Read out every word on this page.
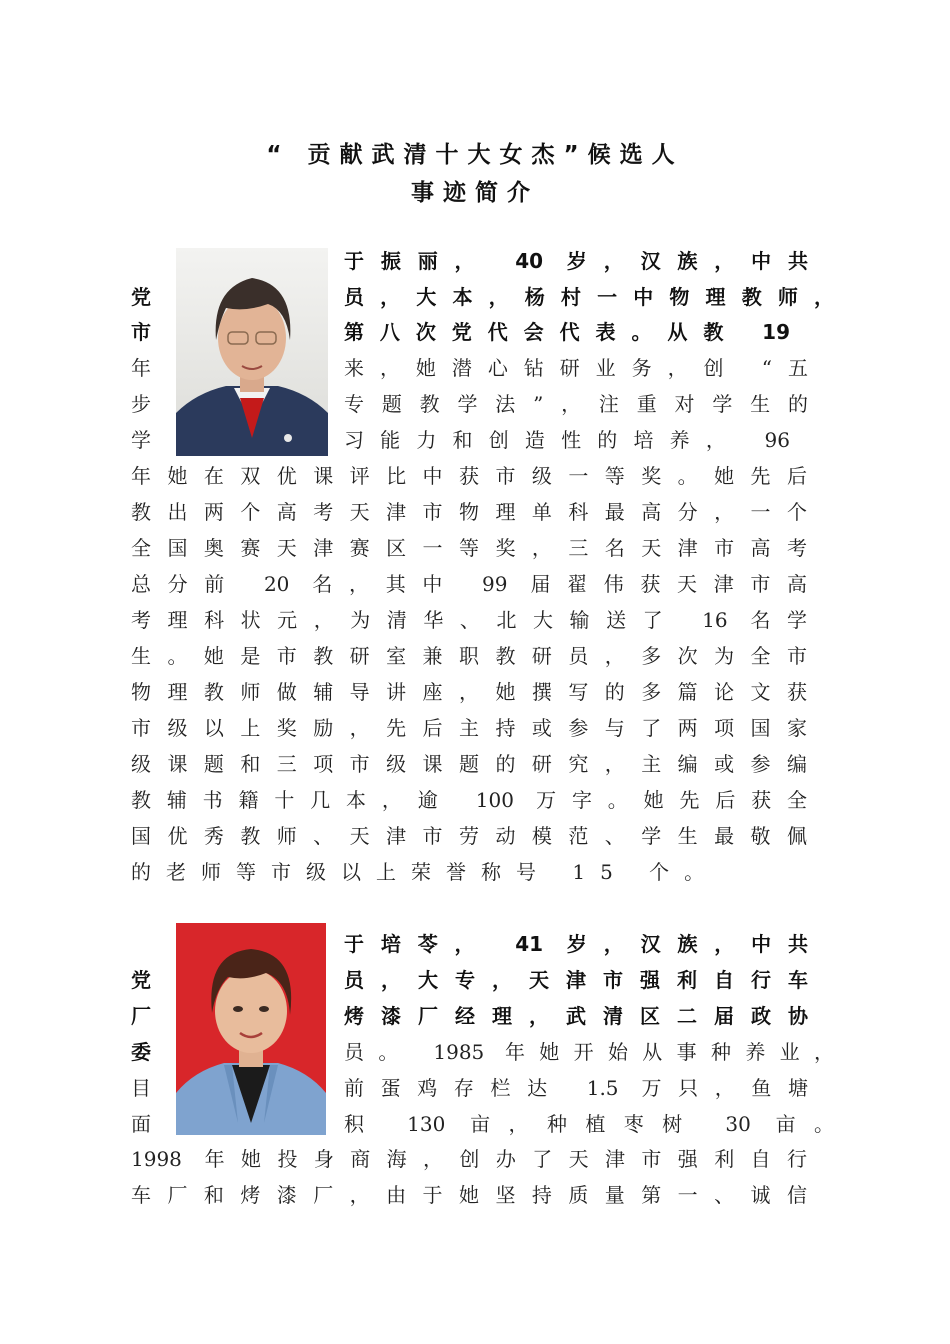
“ 贡献武清十大女杰”候选人
事迹简介
党
市
年
步
学
于振丽， 40 岁，汉族，中共
员，大本，杨村一中物理教师，
第八次党代会代表。从教 19
来，她潜心钻研业务，创 “五
专题教学法”，注重对学生的
习能力和创造性的培养， 96
年她在双优课评比中获市级一等奖。她先后
教出两个高考天津市物理单科最高分，一个
全国奥赛天津赛区一等奖，三名天津市高考
总分前 20 名，其中 99 届翟伟获天津市高
考理科状元，为清华、北大输送了 16 名学
生。她是市教研室兼职教研员，多次为全市
物理教师做辅导讲座，她撰写的多篇论文获
市级以上奖励，先后主持或参与了两项国家
级课题和三项市级课题的研究，主编或参编
教辅书籍十几本，逾 100 万字。她先后获全
国优秀教师、天津市劳动模范、学生最敬佩
的老师等市级以上荣誉称号 15 个。
党
厂
委
目
面
于培苓， 41 岁，汉族，中共
员，大专，天津市强利自行车
烤漆厂经理，武清区二届政协
员。 1985 年她开始从事种养业，
前蛋鸡存栏达 1.5 万只，鱼塘
积 130 亩，种植枣树 30 亩。
1998 年她投身商海，创办了天津市强利自行
车厂和烤漆厂，由于她坚持质量第一、诚信
